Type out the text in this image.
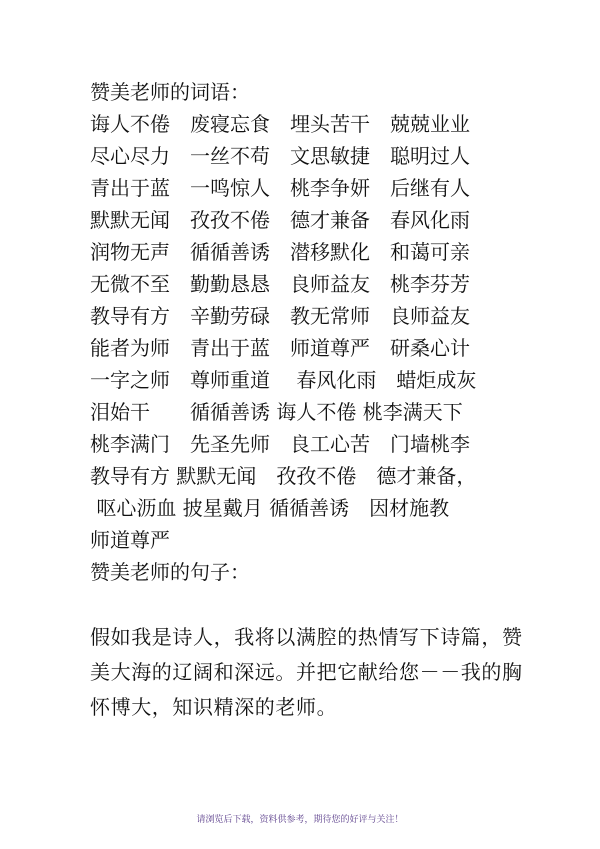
赞美老师的词语：
诲人不倦　废寝忘食　埋头苦干　兢兢业业
尽心尽力　一丝不苟　文思敏捷　聪明过人
青出于蓝　一鸣惊人　桃李争妍　后继有人
默默无闻　孜孜不倦　德才兼备　春风化雨
润物无声　循循善诱　潜移默化　和蔼可亲
无微不至　勤勤恳恳　良师益友　桃李芬芳
教导有方　辛勤劳碌　教无常师　良师益友
能者为师　青出于蓝　师道尊严　研桑心计
一字之师　尊师重道　 春风化雨　蜡炬成灰
泪始干　　循循善诱 诲人不倦 桃李满天下
桃李满门　先圣先师　良工心苦　门墙桃李
教导有方 默默无闻　孜孜不倦　德才兼备，
呕心沥血 披星戴月 循循善诱　因材施教
师道尊严
赞美老师的句子：
假如我是诗人，我将以满腔的热情写下诗篇，赞美大海的辽阔和深远。并把它献给您－－我的胸怀博大，知识精深的老师。
请浏览后下载，资料供参考，期待您的好评与关注！
